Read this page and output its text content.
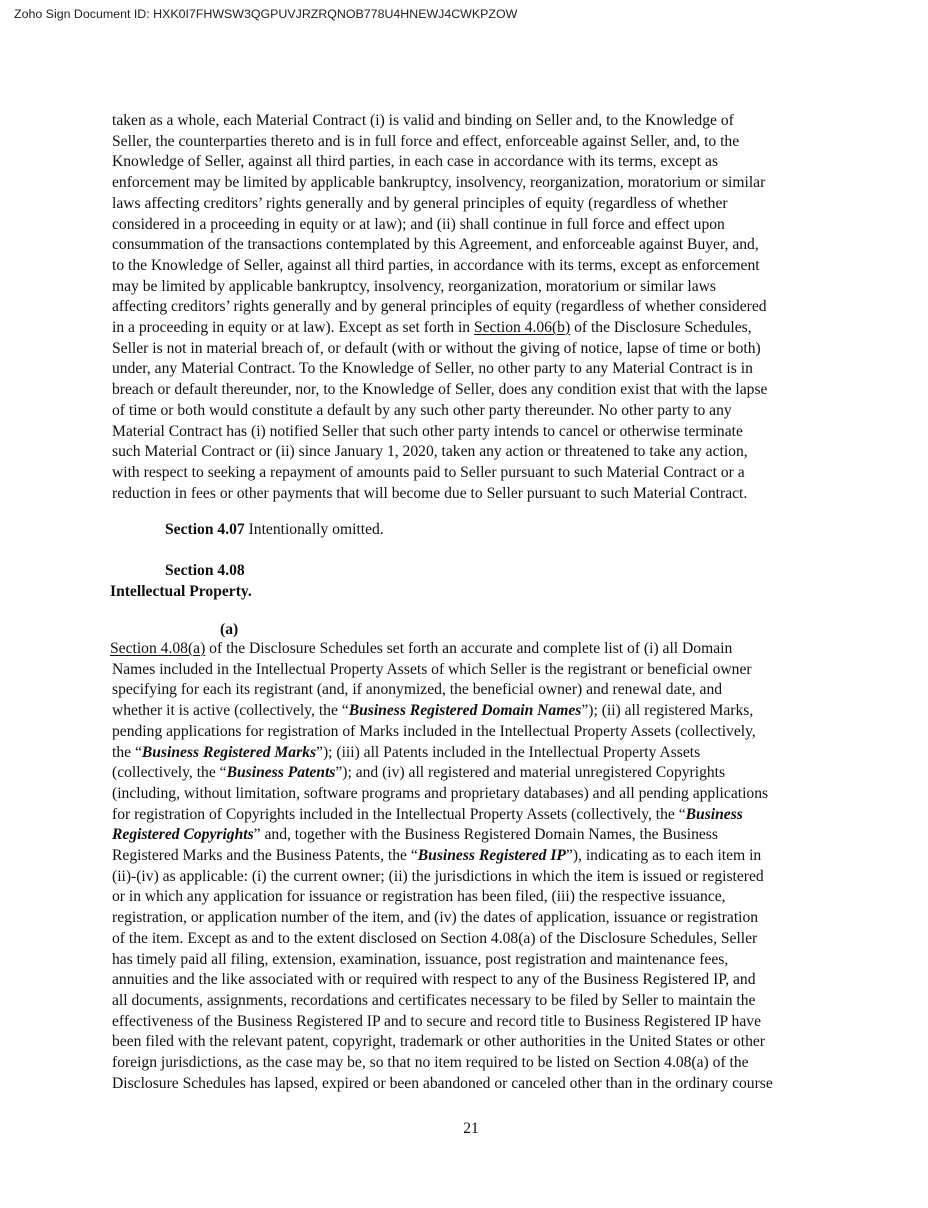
Zoho Sign Document ID: HXK0I7FHWSW3QGPUVJRZRQNOB778U4HNEWJ4CWKPZOW
taken as a whole, each Material Contract (i) is valid and binding on Seller and, to the Knowledge of
Seller, the counterparties thereto and is in full force and effect, enforceable against Seller, and, to the
Knowledge of Seller, against all third parties, in each case in accordance with its terms, except as
enforcement may be limited by applicable bankruptcy, insolvency, reorganization, moratorium or similar
laws affecting creditors’ rights generally and by general principles of equity (regardless of whether
considered in a proceeding in equity or at law); and (ii) shall continue in full force and effect upon
consummation of the transactions contemplated by this Agreement, and enforceable against Buyer, and,
to the Knowledge of Seller, against all third parties, in accordance with its terms, except as enforcement
may be limited by applicable bankruptcy, insolvency, reorganization, moratorium or similar laws
affecting creditors’ rights generally and by general principles of equity (regardless of whether considered
in a proceeding in equity or at law). Except as set forth in Section 4.06(b) of the Disclosure Schedules,
Seller is not in material breach of, or default (with or without the giving of notice, lapse of time or both)
under, any Material Contract. To the Knowledge of Seller, no other party to any Material Contract is in
breach or default thereunder, nor, to the Knowledge of Seller, does any condition exist that with the lapse
of time or both would constitute a default by any such other party thereunder. No other party to any
Material Contract has (i) notified Seller that such other party intends to cancel or otherwise terminate
such Material Contract or (ii) since January 1, 2020, taken any action or threatened to take any action,
with respect to seeking a repayment of amounts paid to Seller pursuant to such Material Contract or a
reduction in fees or other payments that will become due to Seller pursuant to such Material Contract.
Section 4.07 Intentionally omitted.
Section 4.08
Intellectual Property.
(a)
Section 4.08(a) of the Disclosure Schedules set forth an accurate and complete list of (i) all Domain
Names included in the Intellectual Property Assets of which Seller is the registrant or beneficial owner
specifying for each its registrant (and, if anonymized, the beneficial owner) and renewal date, and
whether it is active (collectively, the “Business Registered Domain Names”); (ii) all registered Marks,
pending applications for registration of Marks included in the Intellectual Property Assets (collectively,
the “Business Registered Marks”); (iii) all Patents included in the Intellectual Property Assets
(collectively, the “Business Patents”); and (iv) all registered and material unregistered Copyrights
(including, without limitation, software programs and proprietary databases) and all pending applications
for registration of Copyrights included in the Intellectual Property Assets (collectively, the “Business
Registered Copyrights” and, together with the Business Registered Domain Names, the Business
Registered Marks and the Business Patents, the “Business Registered IP”), indicating as to each item in
(ii)-(iv) as applicable: (i) the current owner; (ii) the jurisdictions in which the item is issued or registered
or in which any application for issuance or registration has been filed, (iii) the respective issuance,
registration, or application number of the item, and (iv) the dates of application, issuance or registration
of the item. Except as and to the extent disclosed on Section 4.08(a) of the Disclosure Schedules, Seller
has timely paid all filing, extension, examination, issuance, post registration and maintenance fees,
annuities and the like associated with or required with respect to any of the Business Registered IP, and
all documents, assignments, recordations and certificates necessary to be filed by Seller to maintain the
effectiveness of the Business Registered IP and to secure and record title to Business Registered IP have
been filed with the relevant patent, copyright, trademark or other authorities in the United States or other
foreign jurisdictions, as the case may be, so that no item required to be listed on Section 4.08(a) of the
Disclosure Schedules has lapsed, expired or been abandoned or canceled other than in the ordinary course
21
